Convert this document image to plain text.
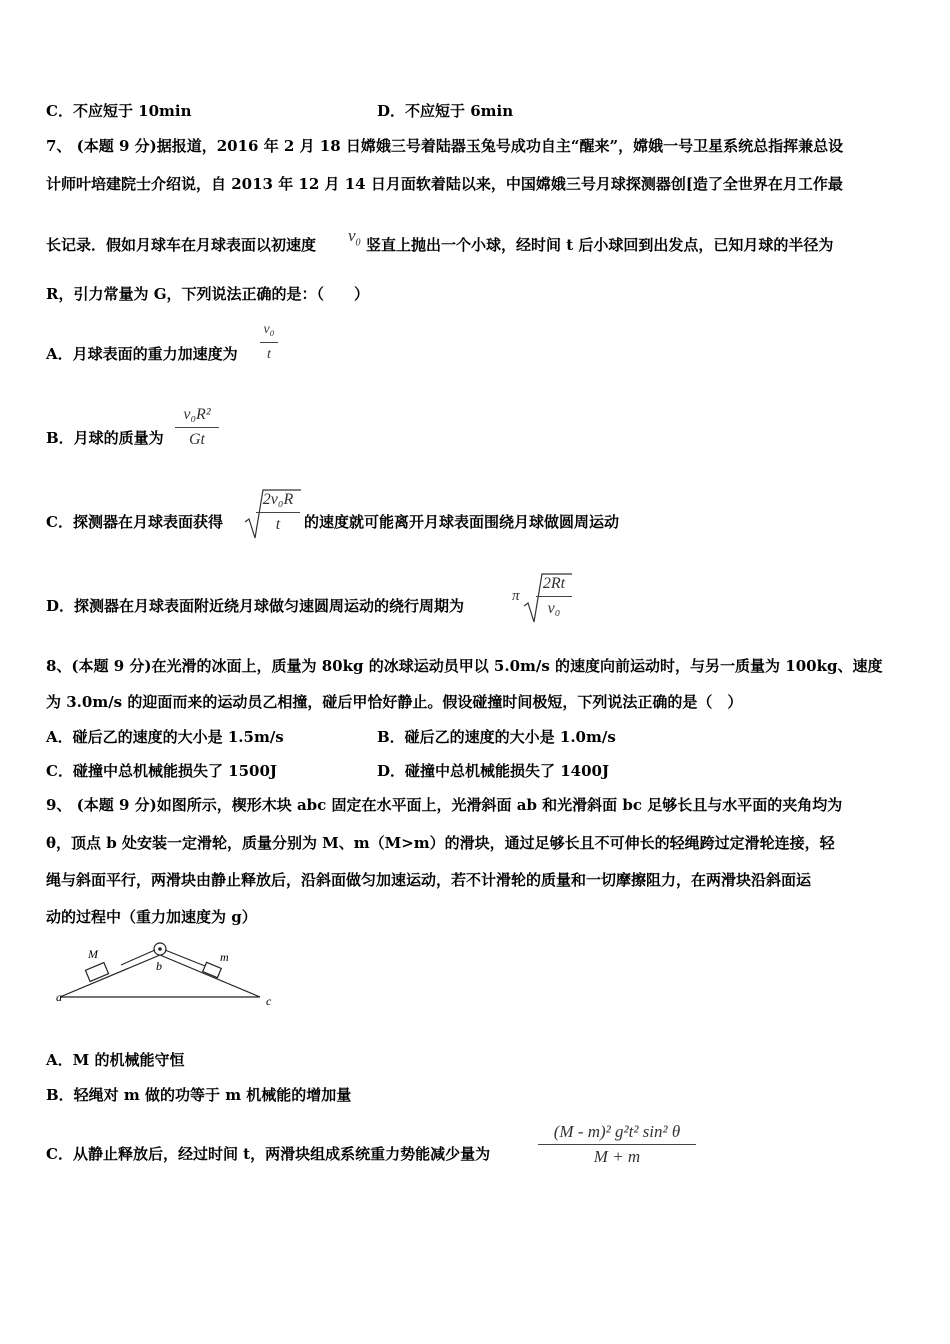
C．不应短于 10min	D．不应短于 6min
7、 (本题 9 分)据报道，2016 年 2 月 18 日嫦娥三号着陆器玉兔号成功自主“醒来”，嫦娥一号卫星系统总指挥兼总设
计师叶培建院士介绍说，自 2013 年 12 月 14 日月面软着陆以来，中国嫦娥三号月球探测器创[造了全世界在月工作最
长记录．假如月球车在月球表面以初速度 $v_0$ 竖直上抛出一个小球，经时间 t 后小球回到出发点，已知月球的半径为
R，引力常量为 G，下列说法正确的是：（　　）
A．月球表面的重力加速度为
v₀
t
B．月球的质量为
v₀R²
Gt
C．探测器在月球表面获得
2v₀R
t	的速度就可能离开月球表面围绕月球做圆周运动
D．探测器在月球表面附近绕月球做匀速圆周运动的绕行周期为
π
2Rt
v₀
8、(本题 9 分)在光滑的冰面上，质量为 80kg 的冰球运动员甲以 5.0m/s 的速度向前运动时，与另一质量为 100kg、速度
为 3.0m/s 的迎面而来的运动员乙相撞，碰后甲恰好静止。假设碰撞时间极短，下列说法正确的是（　）
A．碰后乙的速度的大小是 1.5m/s	B．碰后乙的速度的大小是 1.0m/s
C．碰撞中总机械能损失了 1500J	D．碰撞中总机械能损失了 1400J
9、 (本题 9 分)如图所示，楔形木块 abc 固定在水平面上，光滑斜面 ab 和光滑斜面 bc 足够长且与水平面的夹角均为
θ，顶点 b 处安装一定滑轮，质量分别为 M、m（M>m）的滑块，通过足够长且不可伸长的轻绳跨过定滑轮连接，轻
绳与斜面平行，两滑块由静止释放后，沿斜面做匀加速运动，若不计滑轮的质量和一切摩擦阻力，在两滑块沿斜面运
动的过程中（重力加速度为 g）
M	m
a
b
c
A．M 的机械能守恒
B．轻绳对 m 做的功等于 m 机械能的增加量
C．从静止释放后，经过时间 t，两滑块组成系统重力势能减少量为
(M - m)² g²t² sin² θ
M + m
